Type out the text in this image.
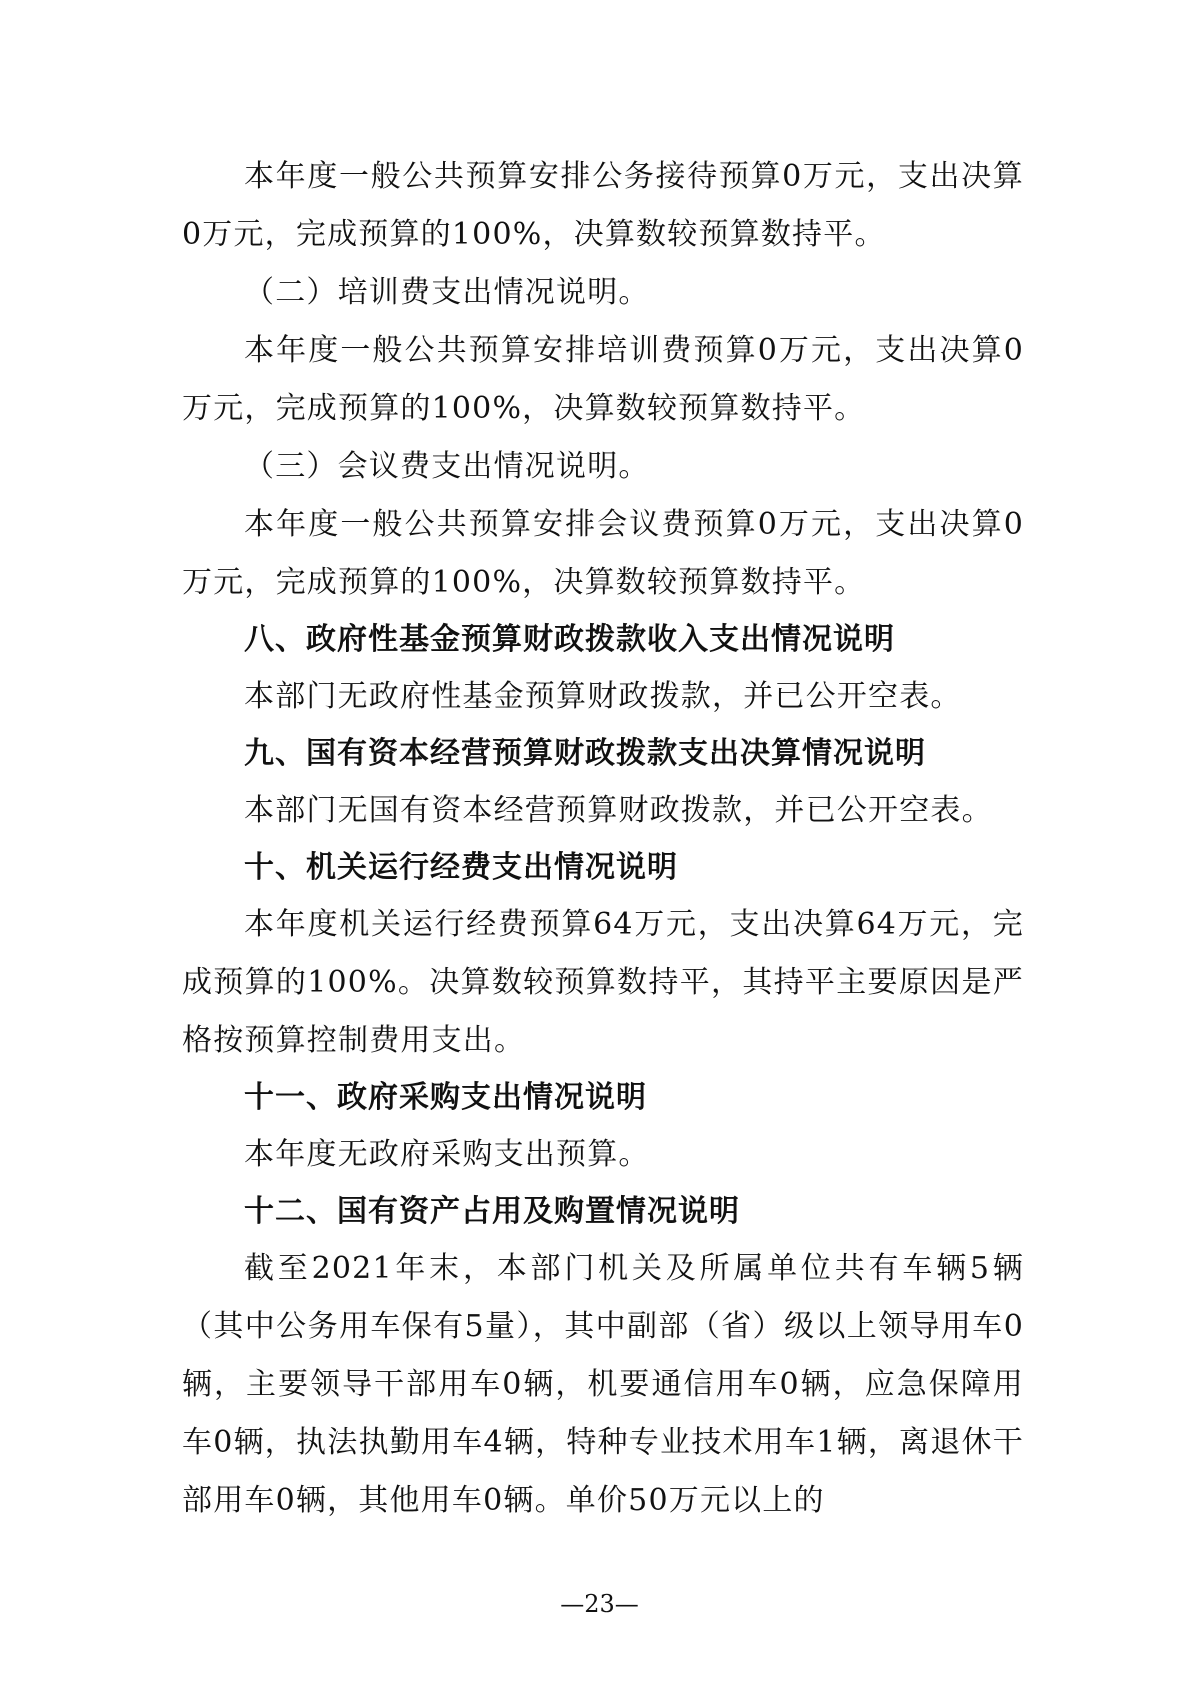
本年度一般公共预算安排公务接待预算0万元，支出决算0万元，完成预算的100%，决算数较预算数持平。

（二）培训费支出情况说明。

本年度一般公共预算安排培训费预算0万元，支出决算0万元，完成预算的100%，决算数较预算数持平。

（三）会议费支出情况说明。

本年度一般公共预算安排会议费预算0万元，支出决算0万元，完成预算的100%，决算数较预算数持平。

八、政府性基金预算财政拨款收入支出情况说明

本部门无政府性基金预算财政拨款，并已公开空表。

九、国有资本经营预算财政拨款支出决算情况说明

本部门无国有资本经营预算财政拨款，并已公开空表。

十、机关运行经费支出情况说明

本年度机关运行经费预算64万元，支出决算64万元，完成预算的100%。决算数较预算数持平，其持平主要原因是严格按预算控制费用支出。

十一、政府采购支出情况说明

本年度无政府采购支出预算。

十二、国有资产占用及购置情况说明

截至2021年末，本部门机关及所属单位共有车辆5辆（其中公务用车保有5量），其中副部（省）级以上领导用车0辆，主要领导干部用车0辆，机要通信用车0辆，应急保障用车0辆，执法执勤用车4辆，特种专业技术用车1辆，离退休干部用车0辆，其他用车0辆。单价50万元以上的

—23—
